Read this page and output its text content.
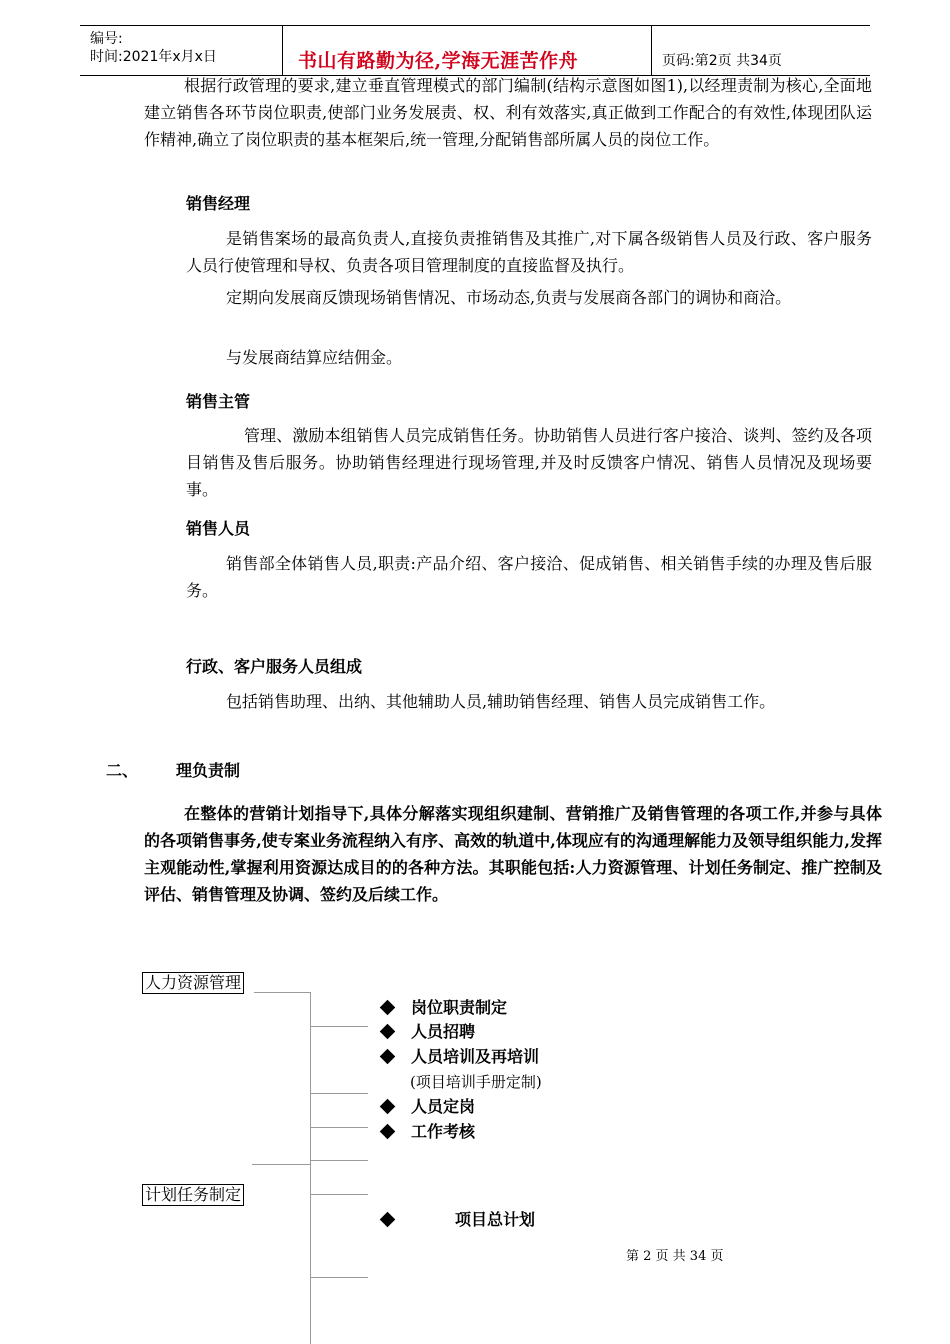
编号:
时间:2021年x月x日	书山有路勤为径,学海无涯苦作舟	页码:第2页 共34页
根据行政管理的要求,建立垂直管理模式的部门编制(结构示意图如图1),以经理责制为核心,全面地建立销售各环节岗位职责,使部门业务发展责、权、利有效落实,真正做到工作配合的有效性,体现团队运作精神,确立了岗位职责的基本框架后,统一管理,分配销售部所属人员的岗位工作。
销售经理
是销售案场的最高负责人,直接负责推销售及其推广,对下属各级销售人员及行政、客户服务人员行使管理和导权、负责各项目管理制度的直接监督及执行。
定期向发展商反馈现场销售情况、市场动态,负责与发展商各部门的调协和商洽。
与发展商结算应结佣金。
销售主管
管理、激励本组销售人员完成销售任务。协助销售人员进行客户接洽、谈判、签约及各项目销售及售后服务。协助销售经理进行现场管理,并及时反馈客户情况、销售人员情况及现场要事。
销售人员
销售部全体销售人员,职责:产品介绍、客户接洽、促成销售、相关销售手续的办理及售后服务。
行政、客户服务人员组成
包括销售助理、出纳、其他辅助人员,辅助销售经理、销售人员完成销售工作。
二、 理负责制
在整体的营销计划指导下,具体分解落实现组织建制、营销推广及销售管理的各项工作,并参与具体的各项销售事务,使专案业务流程纳入有序、高效的轨道中,体现应有的沟通理解能力及领导组织能力,发挥主观能动性,掌握利用资源达成目的的各种方法。其职能包括:人力资源管理、计划任务制定、推广控制及评估、销售管理及协调、签约及后续工作。
人力资源管理
岗位职责制定
人员招聘
人员培训及再培训
(项目培训手册定制)
人员定岗
工作考核
计划任务制定
项目总计划
第 2 页 共 34 页
